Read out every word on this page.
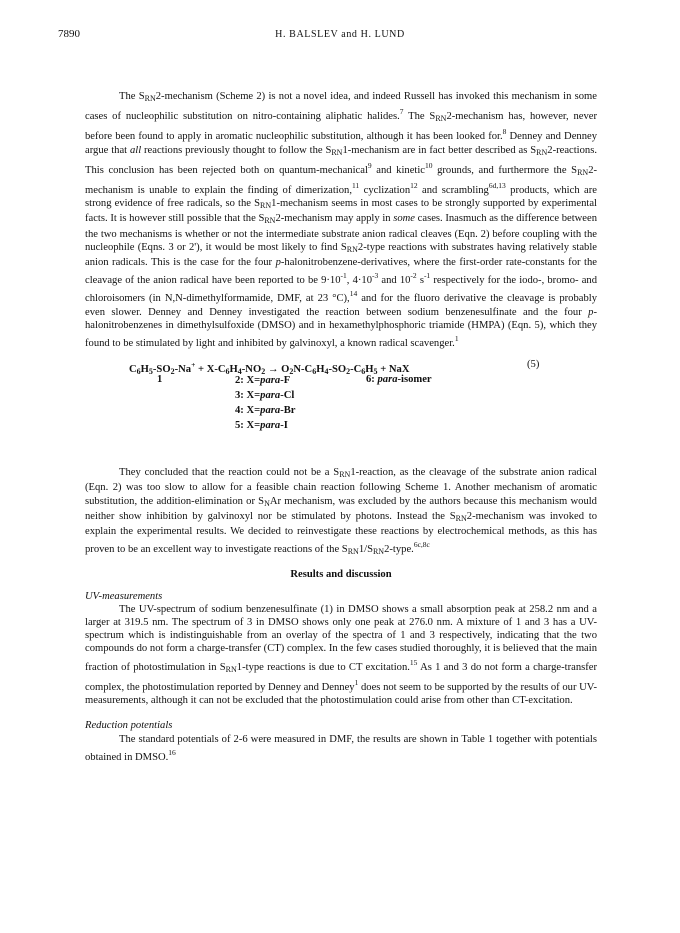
7890	H. BALSLEV and H. LUND

The $S_{RN}2$-mechanism (Scheme 2) is not a novel idea, and indeed Russell has invoked this mechanism in some cases of nucleophilic substitution on nitro-containing aliphatic halides.$^7$ The $S_{RN}2$-mechanism has, however, never before been found to apply in aromatic nucleophilic substitution, although it has been looked for.$^8$ Denney and Denney argue that all reactions previously thought to follow the $S_{RN}1$-mechanism are in fact better described as $S_{RN}2$-reactions. This conclusion has been rejected both on quantum-mechanical$^9$ and kinetic$^{10}$ grounds, and furthermore the $S_{RN}2$-mechanism is unable to explain the finding of dimerization,$^{11}$ cyclization$^{12}$ and scrambling$^{6d,13}$ products, which are strong evidence of free radicals, so the $S_{RN}1$-mechanism seems in most cases to be strongly supported by experimental facts. It is however still possible that the $S_{RN}2$-mechanism may apply in some cases. Inasmuch as the difference between the two mechanisms is whether or not the intermediate substrate anion radical cleaves (Eqn. 2) before coupling with the nucleophile (Eqns. 3 or 2'), it would be most likely to find $S_{RN}2$-type reactions with substrates having relatively stable anion radicals. This is the case for the four p-halonitrobenzene-derivatives, where the first-order rate-constants for the cleavage of the anion radical have been reported to be $9\cdot 10^{-1}$, $4\cdot 10^{-3}$ and $10^{-2}$ $s^{-1}$ respectively for the iodo-, bromo- and chloroisomers (in N,N-dimethylformamide, DMF, at 23 °C),$^{14}$ and for the fluoro derivative the cleavage is probably even slower. Denney and Denney investigated the reaction between sodium benzenesulfinate and the four p-halonitrobenzenes in dimethylsulfoxide (DMSO) and in hexamethylphosphoric triamide (HMPA) (Eqn. 5), which they found to be stimulated by light and inhibited by galvinoxyl, a known radical scavenger.$^1$

$C_6H_5-SO_2-Na^+ + X-C_6H_4-NO_2 \to O_2N-C_6H_4-SO_2-C_6H_5$ + NaX	(5)
1	2: X=para-F
3: X=para-Cl
4: X=para-Br
5: X=para-I
6: para-isomer

They concluded that the reaction could not be a $S_{RN}1$-reaction, as the cleavage of the substrate anion radical (Eqn. 2) was too slow to allow for a feasible chain reaction following Scheme 1. Another mechanism of aromatic substitution, the addition-elimination or $S_NAr$ mechanism, was excluded by the authors because this mechanism would neither show inhibition by galvinoxyl nor be stimulated by photons. Instead the $S_{RN}2$-mechanism was invoked to explain the experimental results. We decided to reinvestigate these reactions by electrochemical methods, as this has proven to be an excellent way to investigate reactions of the $S_{RN}1/S_{RN}2-type.^{6c,8c}$

Results and discussion
UV-measurements

The UV-spectrum of sodium benzenesulfinate (1) in DMSO shows a small absorption peak at 258.2 nm and a larger at 319.5 nm. The spectrum of 3 in DMSO shows only one peak at 276.0 nm. A mixture of 1 and 3 has a UV-spectrum which is indistinguishable from an overlay of the spectra of 1 and 3 respectively, indicating that the two compounds do not form a charge-transfer (CT) complex. In the few cases studied thoroughly, it is believed that the main fraction of photostimulation in $S_{RN}1$-type reactions is due to CT excitation.$^{15}$ As 1 and 3 do not form a charge-transfer complex, the photostimulation reported by Denney and Denney$^1$ does not seem to be supported by the results of our UV-measurements, although it can not be excluded that the photostimulation could arise from other than CT-excitation.

Reduction potentials

The standard potentials of 2-6 were measured in DMF, the results are shown in Table 1 together with potentials obtained in DMSO.$^{16}$
